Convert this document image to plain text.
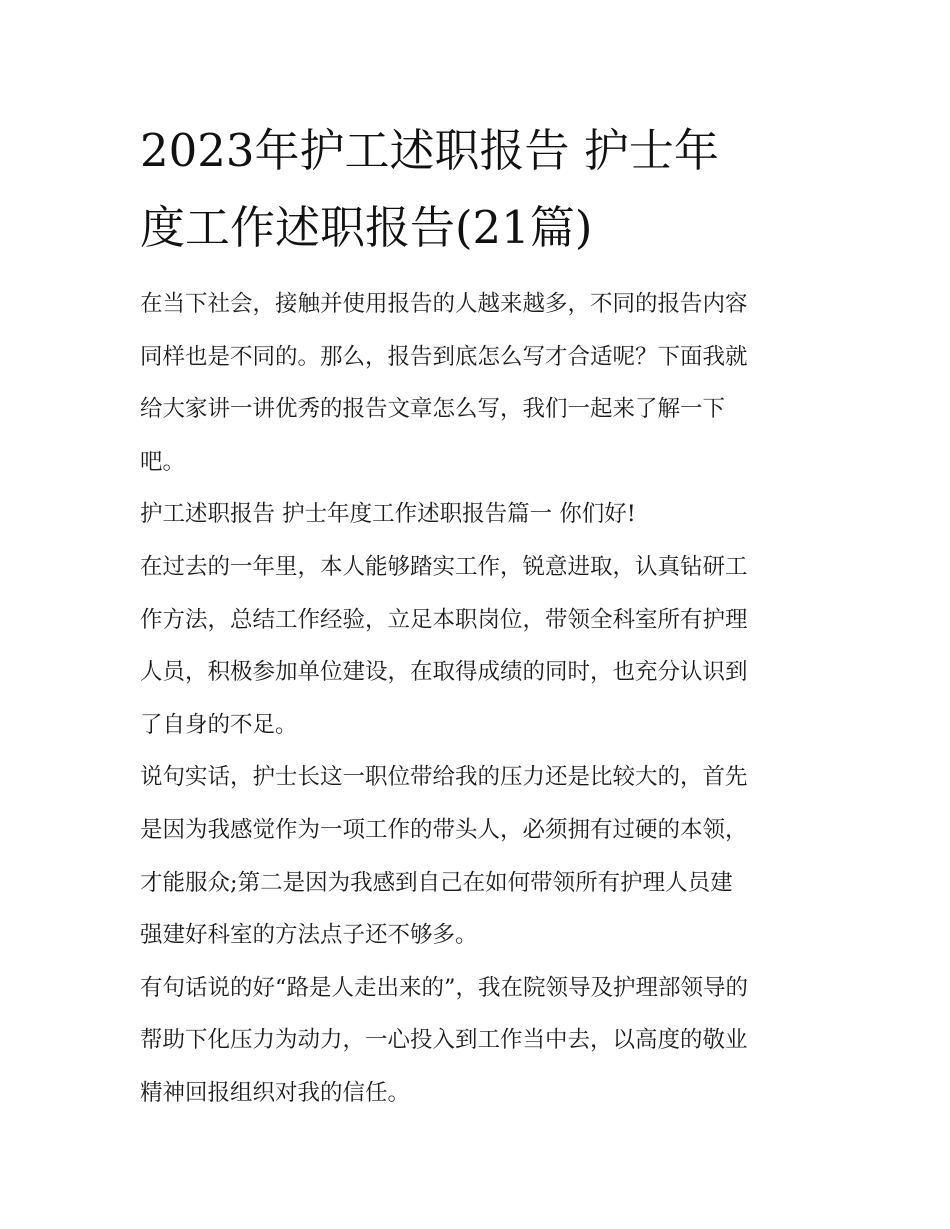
2023年护工述职报告 护士年
度工作述职报告(21篇)
在当下社会，接触并使用报告的人越来越多，不同的报告内容
同样也是不同的。那么，报告到底怎么写才合适呢？下面我就
给大家讲一讲优秀的报告文章怎么写，我们一起来了解一下
吧。
护工述职报告 护士年度工作述职报告篇一 你们好!
在过去的一年里，本人能够踏实工作，锐意进取，认真钻研工
作方法，总结工作经验，立足本职岗位，带领全科室所有护理
人员，积极参加单位建设，在取得成绩的同时，也充分认识到
了自身的不足。
说句实话，护士长这一职位带给我的压力还是比较大的，首先
是因为我感觉作为一项工作的带头人，必须拥有过硬的本领，
才能服众;第二是因为我感到自己在如何带领所有护理人员建
强建好科室的方法点子还不够多。
有句话说的好“路是人走出来的”，我在院领导及护理部领导的
帮助下化压力为动力，一心投入到工作当中去，以高度的敬业
精神回报组织对我的信任。
